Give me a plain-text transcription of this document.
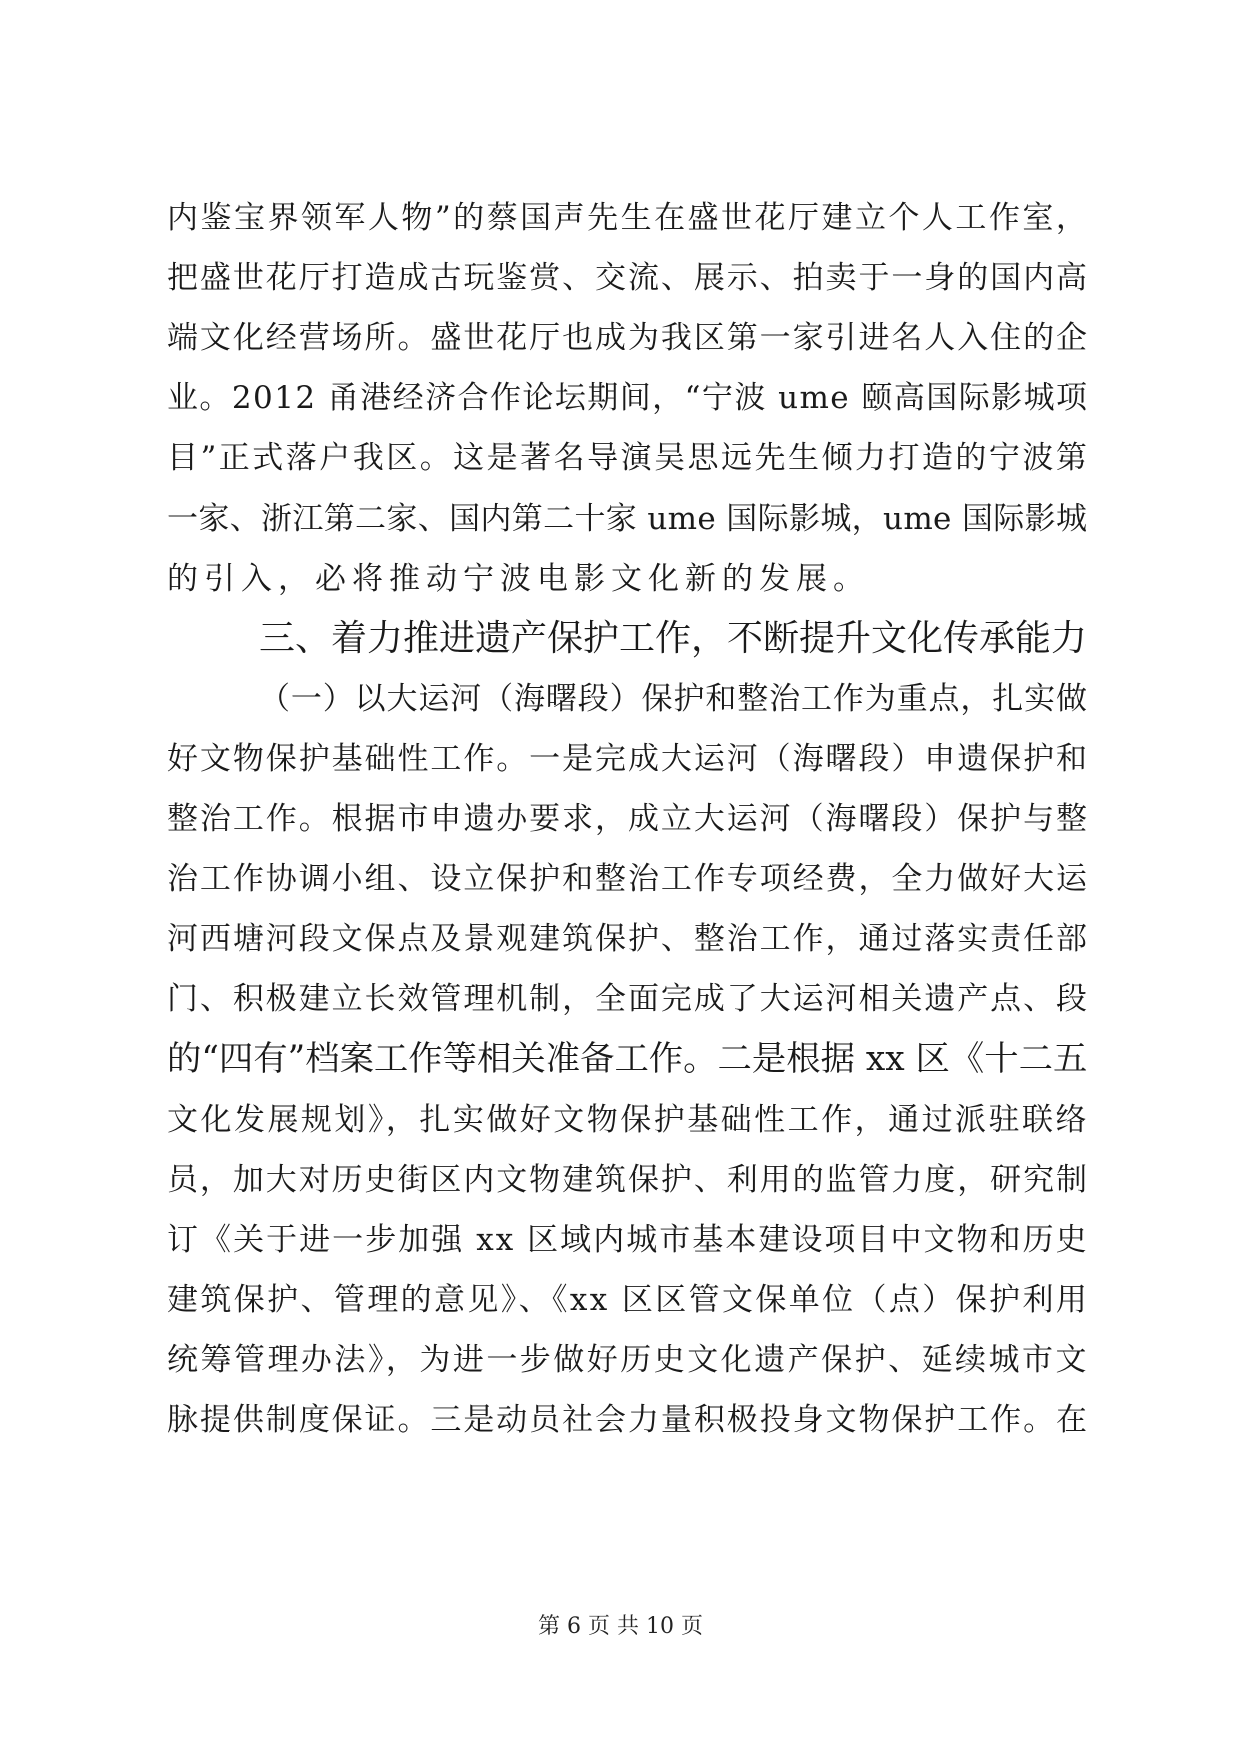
内鉴宝界领军人物”的蔡国声先生在盛世花厅建立个人工作室，
把盛世花厅打造成古玩鉴赏、交流、展示、拍卖于一身的国内高
端文化经营场所。盛世花厅也成为我区第一家引进名人入住的企
业。2012 甬港经济合作论坛期间，“宁波 ume 颐高国际影城项
目”正式落户我区。这是著名导演吴思远先生倾力打造的宁波第
一家、浙江第二家、国内第二十家 ume 国际影城，ume 国际影城
的引入，必将推动宁波电影文化新的发展。
三、着力推进遗产保护工作，不断提升文化传承能力
（一）以大运河（海曙段）保护和整治工作为重点，扎实做
好文物保护基础性工作。一是完成大运河（海曙段）申遗保护和
整治工作。根据市申遗办要求，成立大运河（海曙段）保护与整
治工作协调小组、设立保护和整治工作专项经费，全力做好大运
河西塘河段文保点及景观建筑保护、整治工作，通过落实责任部
门、积极建立长效管理机制，全面完成了大运河相关遗产点、段
的“四有”档案工作等相关准备工作。二是根据 xx 区《十二五
文化发展规划》，扎实做好文物保护基础性工作，通过派驻联络
员，加大对历史街区内文物建筑保护、利用的监管力度，研究制
订《关于进一步加强 xx 区域内城市基本建设项目中文物和历史
建筑保护、管理的意见》、《xx 区区管文保单位（点）保护利用
统筹管理办法》，为进一步做好历史文化遗产保护、延续城市文
脉提供制度保证。三是动员社会力量积极投身文物保护工作。在
第 6 页 共 10 页
